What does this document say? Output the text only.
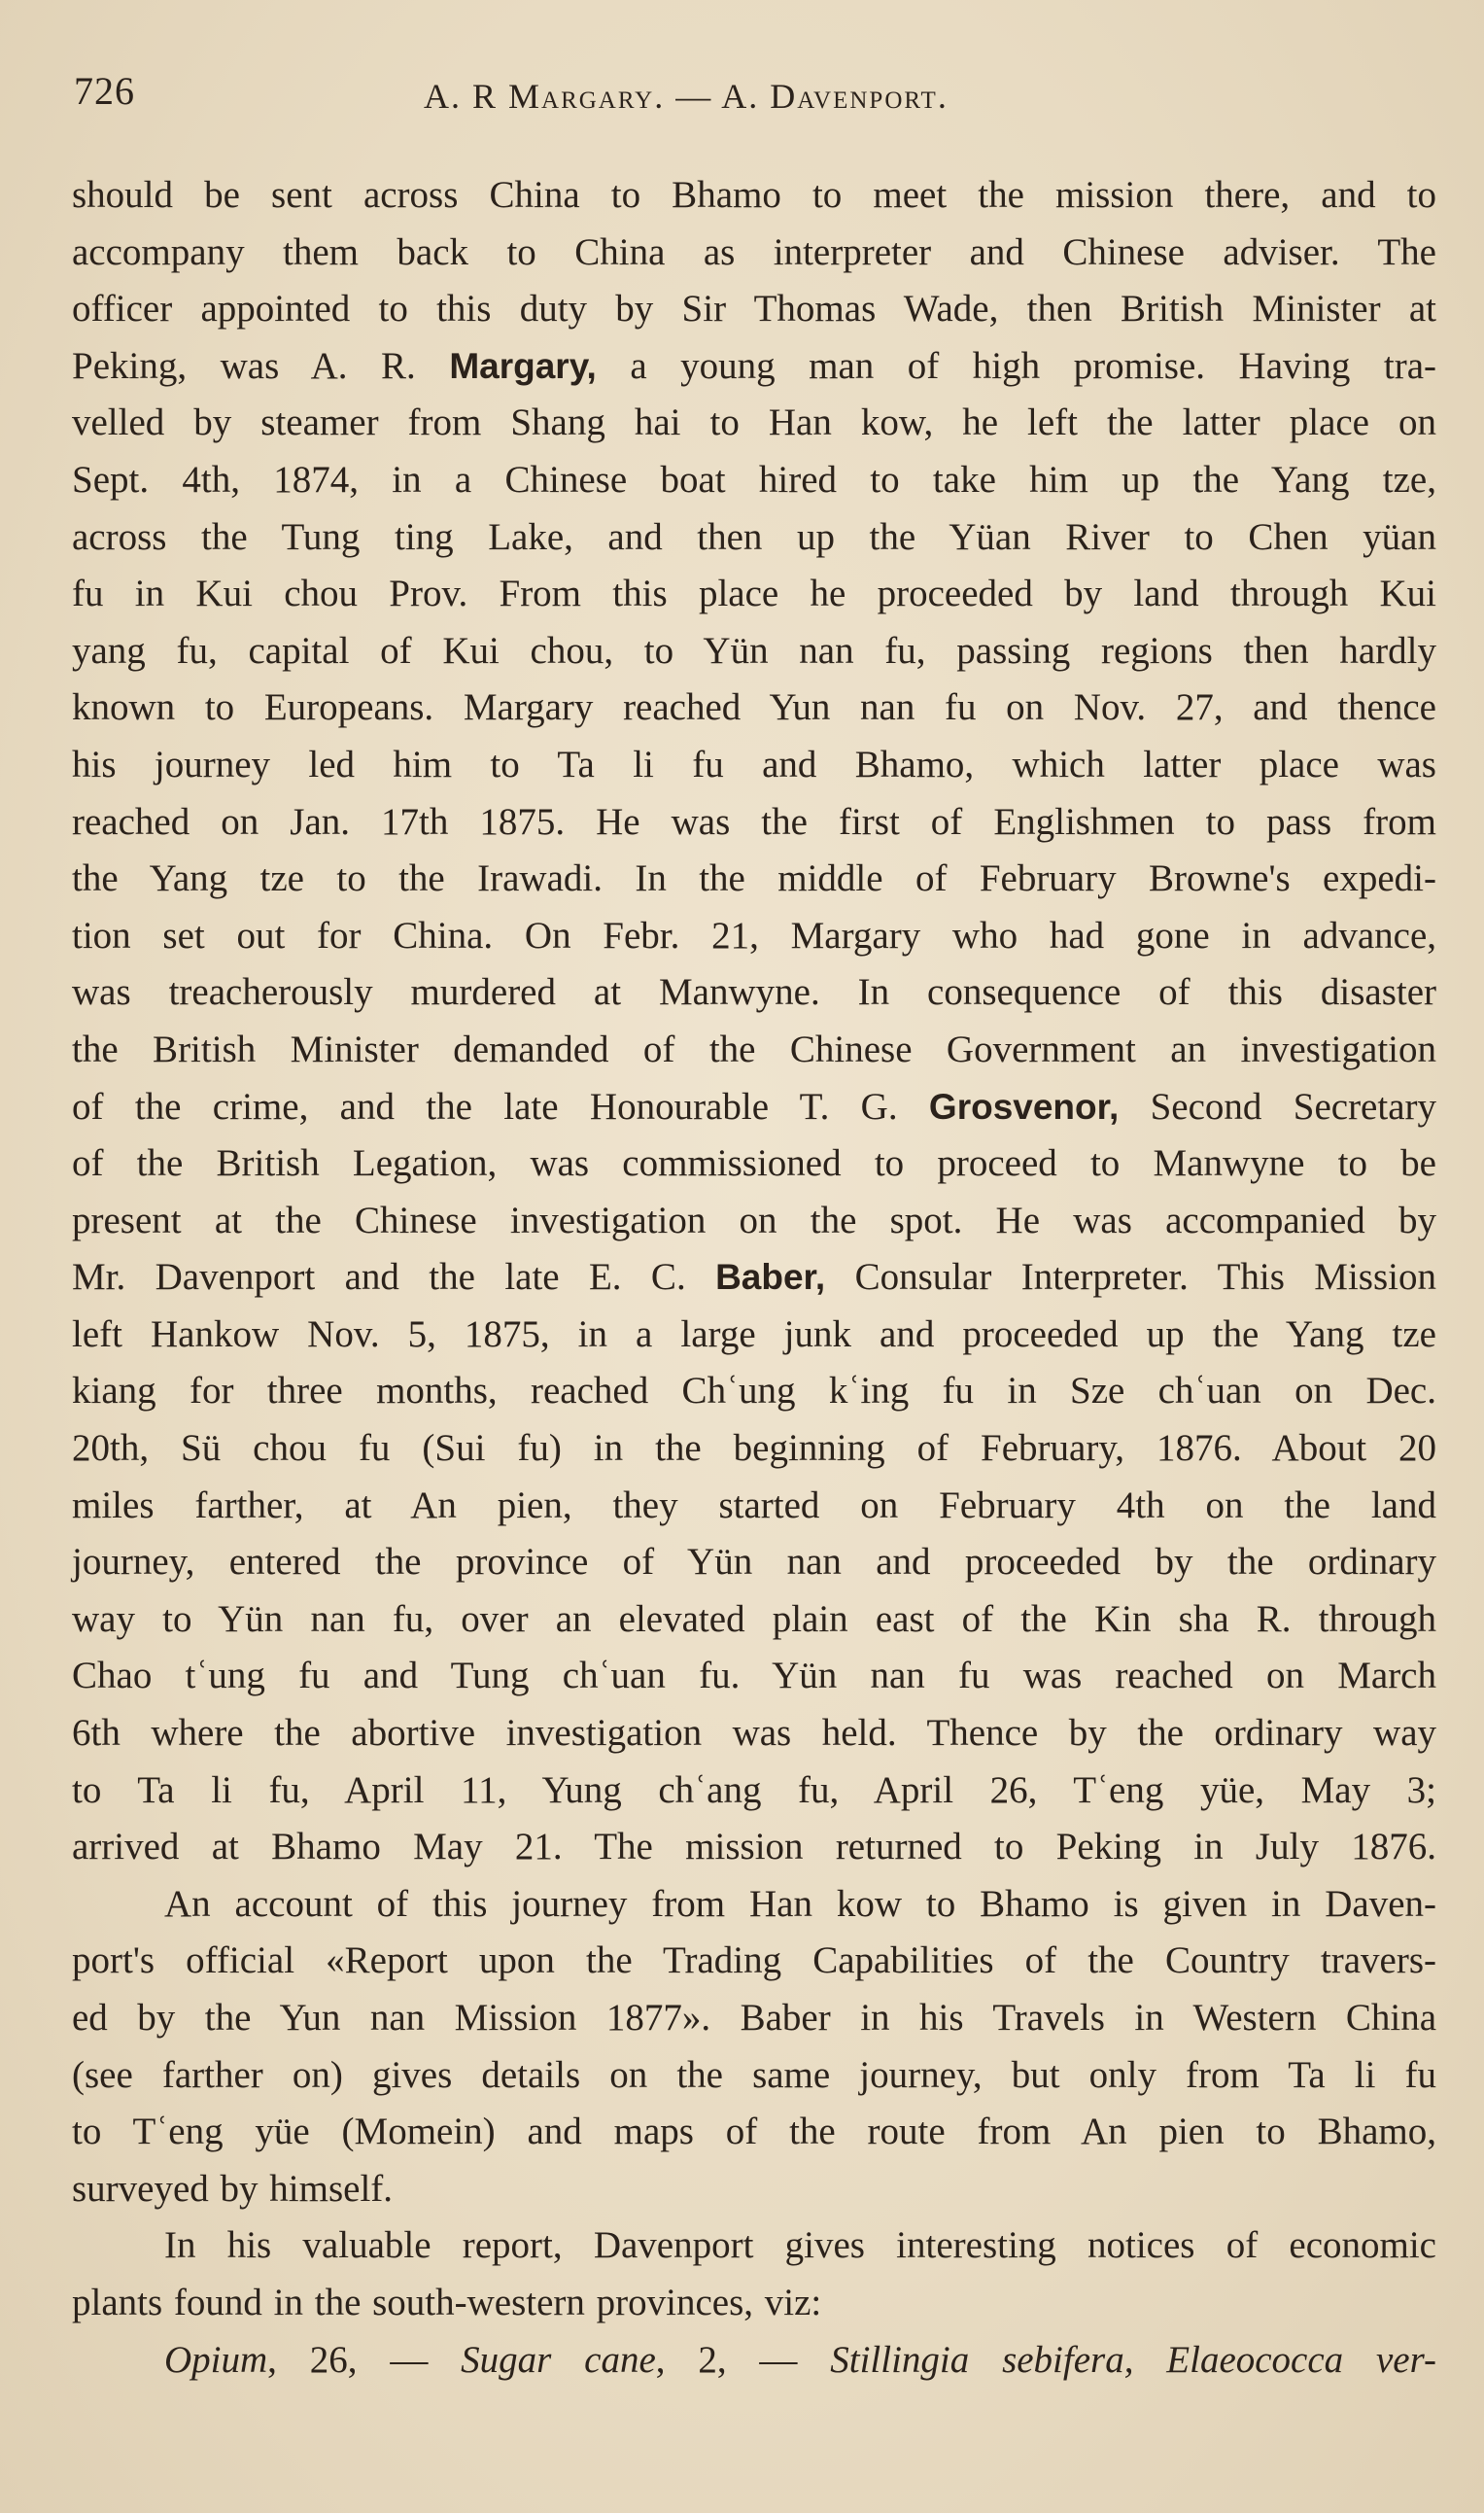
726	A. R Margary. — A. Davenport.
should be sent across China to Bhamo to meet the mission there, and to
accompany them back to China as interpreter and Chinese adviser. The
officer appointed to this duty by Sir Thomas Wade, then British Minister at
Peking, was A. R. Margary, a young man of high promise. Having tra-
velled by steamer from Shang hai to Han kow, he left the latter place on
Sept. 4th, 1874, in a Chinese boat hired to take him up the Yang tze,
across the Tung ting Lake, and then up the Yüan River to Chen yüan
fu in Kui chou Prov. From this place he proceeded by land through Kui
yang fu, capital of Kui chou, to Yün nan fu, passing regions then hardly
known to Europeans. Margary reached Yun nan fu on Nov. 27, and thence
his journey led him to Ta li fu and Bhamo, which latter place was
reached on Jan. 17th 1875. He was the first of Englishmen to pass from
the Yang tze to the Irawadi. In the middle of February Browne's expedi-
tion set out for China. On Febr. 21, Margary who had gone in advance,
was treacherously murdered at Manwyne. In consequence of this disaster
the British Minister demanded of the Chinese Government an investigation
of the crime, and the late Honourable T. G. Grosvenor, Second Secretary
of the British Legation, was commissioned to proceed to Manwyne to be
present at the Chinese investigation on the spot. He was accompanied by
Mr. Davenport and the late E. C. Baber, Consular Interpreter. This Mission
left Hankow Nov. 5, 1875, in a large junk and proceeded up the Yang tze
kiang for three months, reached Chʿung kʿing fu in Sze chʿuan on Dec.
20th, Sü chou fu (Sui fu) in the beginning of February, 1876. About 20
miles farther, at An pien, they started on February 4th on the land
journey, entered the province of Yün nan and proceeded by the ordinary
way to Yün nan fu, over an elevated plain east of the Kin sha R. through
Chao tʿung fu and Tung chʿuan fu. Yün nan fu was reached on March
6th where the abortive investigation was held. Thence by the ordinary way
to Ta li fu, April 11, Yung chʿang fu, April 26, Tʿeng yüe, May 3;
arrived at Bhamo May 21. The mission returned to Peking in July 1876.
An account of this journey from Han kow to Bhamo is given in Daven-
port's official «Report upon the Trading Capabilities of the Country travers-
ed by the Yun nan Mission 1877». Baber in his Travels in Western China
(see farther on) gives details on the same journey, but only from Ta li fu
to Tʿeng yüe (Momein) and maps of the route from An pien to Bhamo,
surveyed by himself.
In his valuable report, Davenport gives interesting notices of economic
plants found in the south-western provinces, viz:
Opium, 26, — Sugar cane, 2, — Stillingia sebifera, Elaeococca ver-
